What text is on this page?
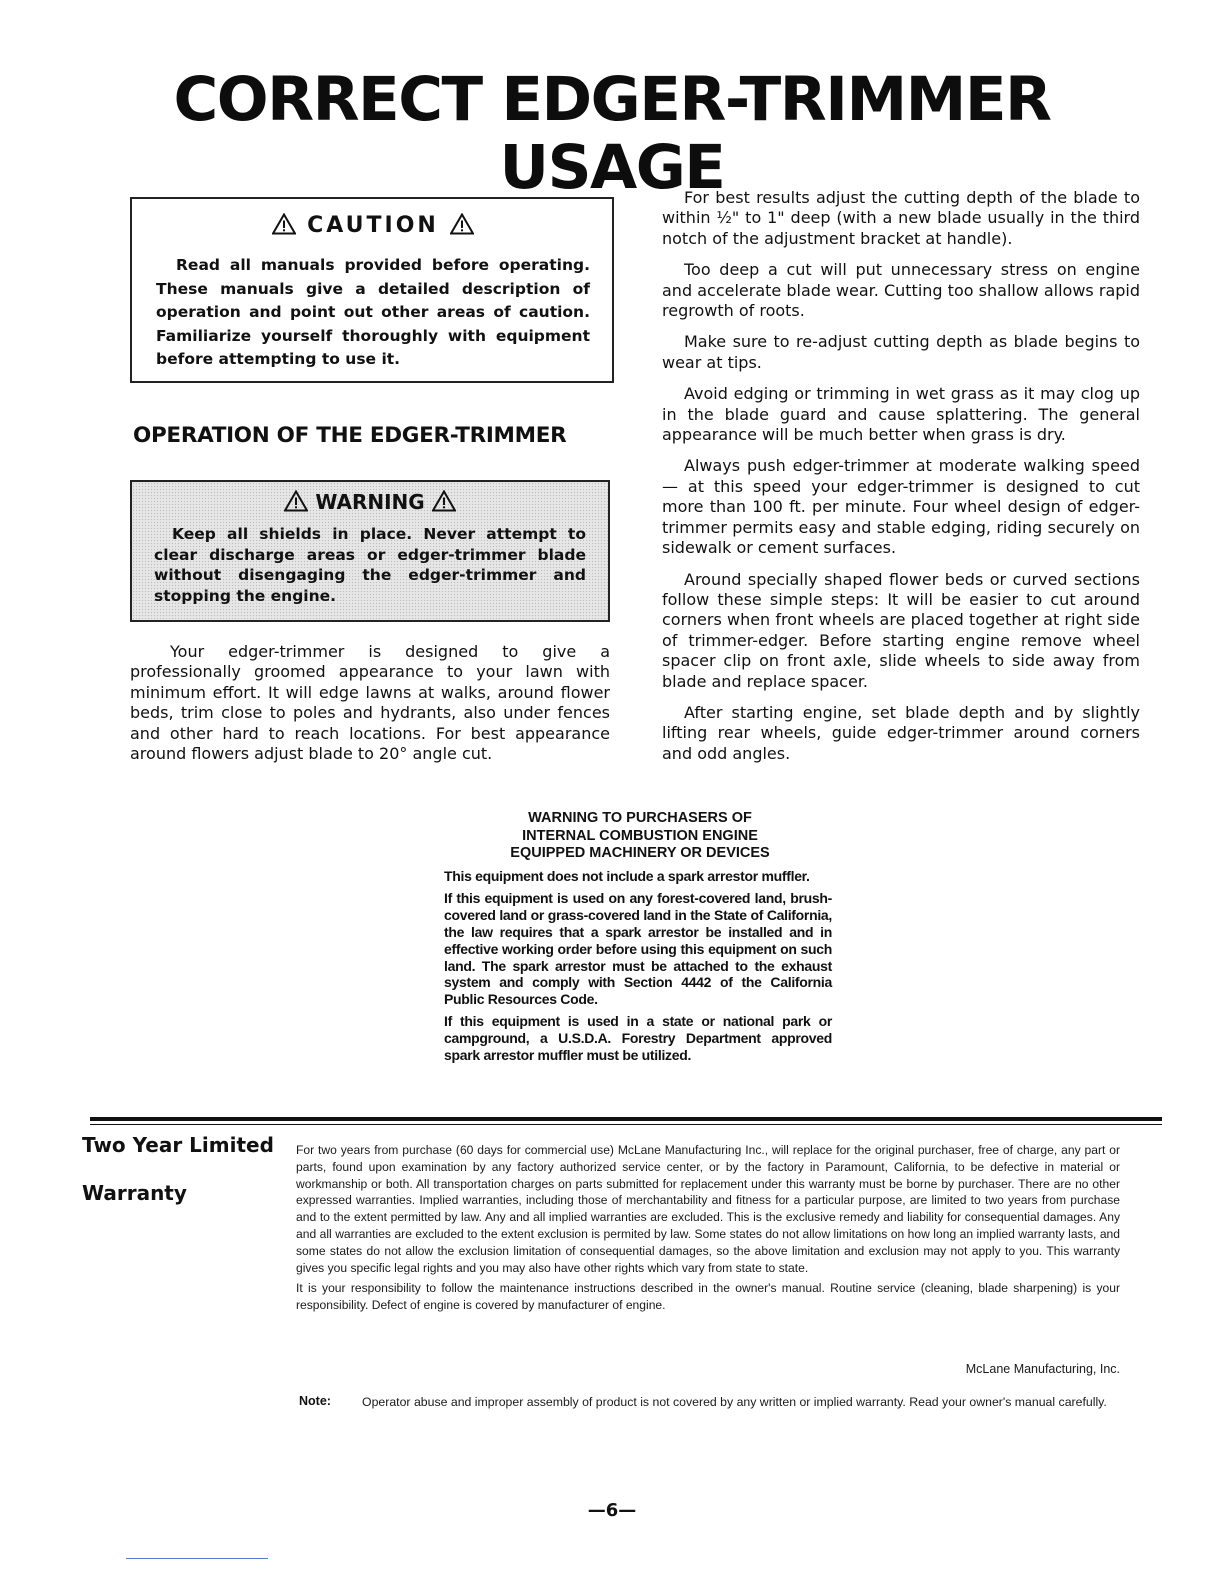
CORRECT EDGER-TRIMMER
USAGE
CAUTION

Read all manuals provided before operating. These manuals give a detailed description of operation and point out other areas of caution. Familiarize yourself thoroughly with equipment before attempting to use it.

OPERATION OF THE EDGER-TRIMMER
WARNING

Keep all shields in place. Never attempt to clear discharge areas or edger-trimmer blade without disengaging the edger-trimmer and stopping the engine.

Your edger-trimmer is designed to give a professionally groomed appearance to your lawn with minimum effort. It will edge lawns at walks, around flower beds, trim close to poles and hydrants, also under fences and other hard to reach locations. For best appearance around flowers adjust blade to 20° angle cut.

For best results adjust the cutting depth of the blade to within ½" to 1" deep (with a new blade usually in the third notch of the adjustment bracket at handle).

Too deep a cut will put unnecessary stress on engine and accelerate blade wear. Cutting too shallow allows rapid regrowth of roots.

Make sure to re-adjust cutting depth as blade begins to wear at tips.

Avoid edging or trimming in wet grass as it may clog up in the blade guard and cause splattering. The general appearance will be much better when grass is dry.

Always push edger-trimmer at moderate walking speed — at this speed your edger-trimmer is designed to cut more than 100 ft. per minute. Four wheel design of edger-trimmer permits easy and stable edging, riding securely on sidewalk or cement surfaces.

Around specially shaped flower beds or curved sections follow these simple steps: It will be easier to cut around corners when front wheels are placed together at right side of trimmer-edger. Before starting engine remove wheel spacer clip on front axle, slide wheels to side away from blade and replace spacer.

After starting engine, set blade depth and by slightly lifting rear wheels, guide edger-trimmer around corners and odd angles.

WARNING TO PURCHASERS OF
INTERNAL COMBUSTION ENGINE
EQUIPPED MACHINERY OR DEVICES

This equipment does not include a spark arrestor muffler.

If this equipment is used on any forest-covered land, brush-covered land or grass-covered land in the State of California, the law requires that a spark arrestor be installed and in effective working order before using this equipment on such land. The spark arrestor must be attached to the exhaust system and comply with Section 4442 of the California Public Resources Code.

If this equipment is used in a state or national park or campground, a U.S.D.A. Forestry Department approved spark arrestor muffler must be utilized.

Two Year Limited
Warranty

For two years from purchase (60 days for commercial use) McLane Manufacturing Inc., will replace for the original purchaser, free of charge, any part or parts, found upon examination by any factory authorized service center, or by the factory in Paramount, California, to be defective in material or workmanship or both. All transportation charges on parts submitted for replacement under this warranty must be borne by purchaser. There are no other expressed warranties. Implied warranties, including those of merchantability and fitness for a particular purpose, are limited to two years from purchase and to the extent permitted by law. Any and all implied warranties are excluded. This is the exclusive remedy and liability for consequential damages. Any and all warranties are excluded to the extent exclusion is permited by law. Some states do not allow limitations on how long an implied warranty lasts, and some states do not allow the exclusion limitation of consequential damages, so the above limitation and exclusion may not apply to you. This warranty gives you specific legal rights and you may also have other rights which vary from state to state.

It is your responsibility to follow the maintenance instructions described in the owner's manual. Routine service (cleaning, blade sharpening) is your responsibility. Defect of engine is covered by manufacturer of engine.

McLane Manufacturing, Inc.
Note:	Operator abuse and improper assembly of product is not covered by any written or implied warranty. Read your owner's manual carefully.
—6—
